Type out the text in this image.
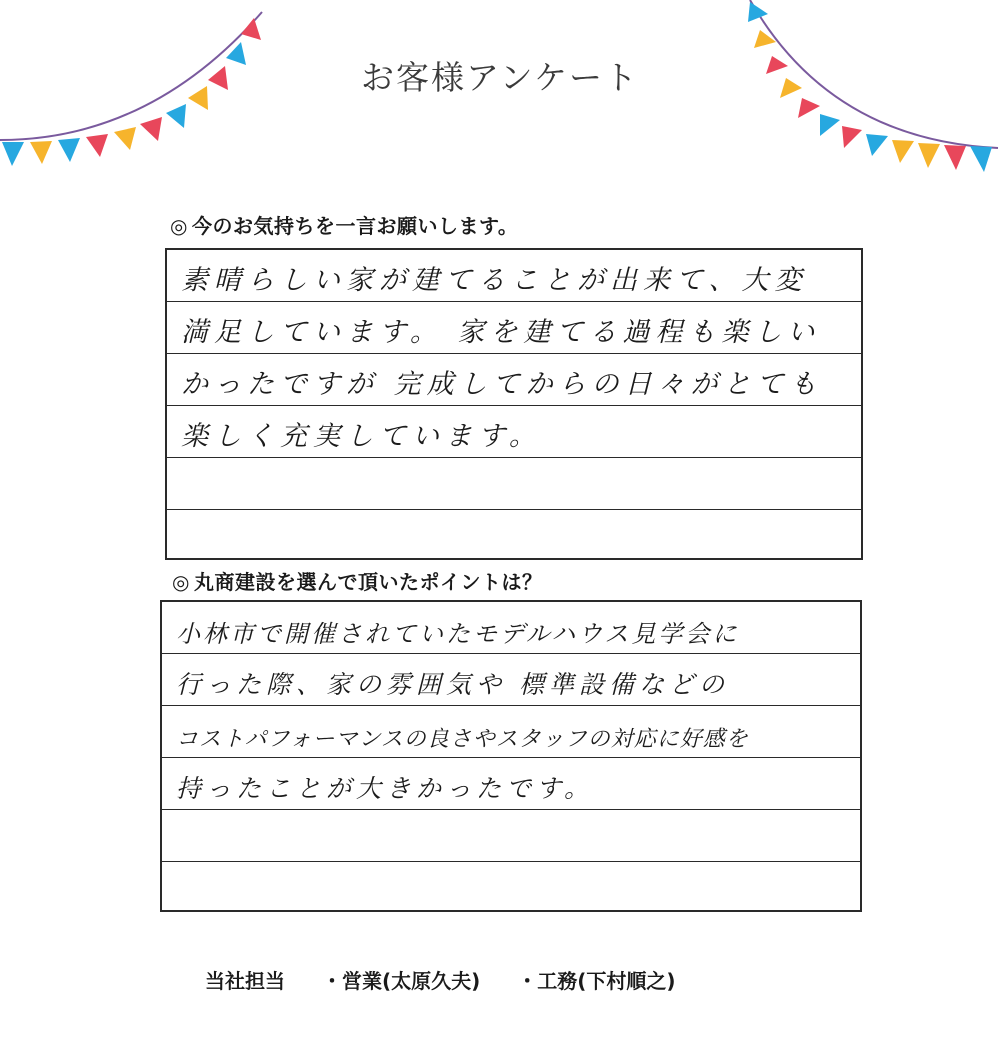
お客様アンケート
◎ 今のお気持ちを一言お願いします。
素晴らしい家が建てることが出来て、大変
満足しています。 家を建てる過程も楽しい
かったですが 完成してからの日々がとても
楽しく充実しています。
◎ 丸商建設を選んで頂いたポイントは？
小林市で開催されていたモデルハウス見学会に
行った際、家の雰囲気や 標準設備などの
コストパフォーマンスの良さやスタッフの対応に好感を
持ったことが大きかったです。
当社担当 ・営業(太原久夫) ・工務(下村順之)
